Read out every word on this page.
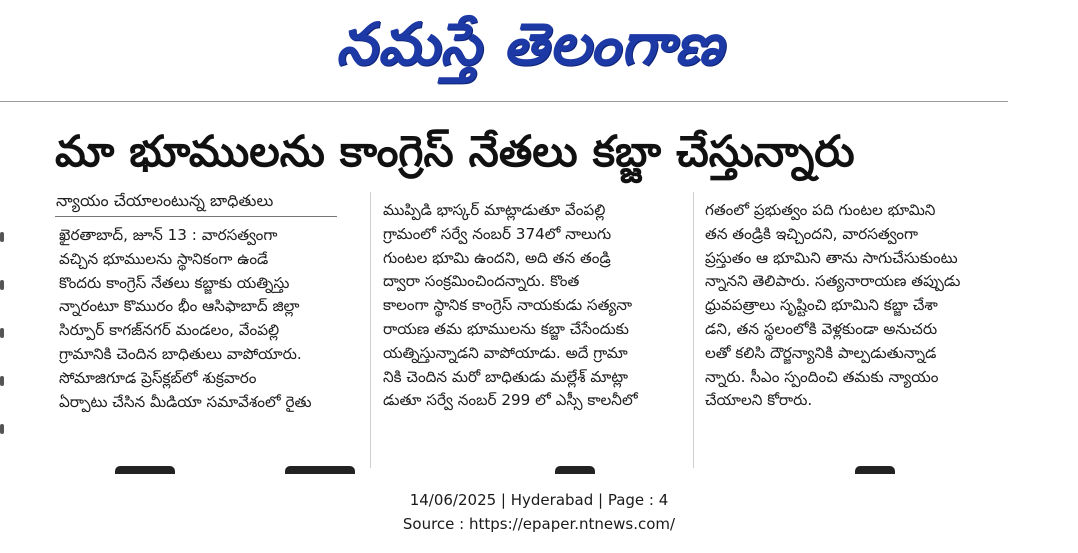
నమస్తే తెలంగాణ
మా భూములను కాంగ్రెస్ నేతలు కబ్జా చేస్తున్నారు
న్యాయం చేయాలంటున్న బాధితులు
ఖైరతాబాద్, జూన్ 13 : వారసత్వంగా
వచ్చిన భూములను స్థానికంగా ఉండే
కొందరు కాంగ్రెస్ నేతలు కబ్జాకు యత్నిస్తు
న్నారంటూ కొమురం భీం ఆసిఫాబాద్ జిల్లా
సిర్పూర్ కాగజ్‌నగర్ మండలం, వేంపల్లి
గ్రామానికి చెందిన బాధితులు వాపోయారు.
సోమాజిగూడ ప్రెస్‌క్లబ్‌లో శుక్రవారం
ఏర్పాటు చేసిన మీడియా సమావేశంలో రైతు
ముప్పిడి భాస్కర్ మాట్లాడుతూ వేంపల్లి
గ్రామంలో సర్వే నంబర్ 374లో నాలుగు
గుంటల భూమి ఉందని, అది తన తండ్రి
ద్వారా సంక్రమించిందన్నారు. కొంత
కాలంగా స్థానిక కాంగ్రెస్ నాయకుడు సత్యనా
రాయణ తమ భూములను కబ్జా చేసేందుకు
యత్నిస్తున్నాడని వాపోయాడు. అదే గ్రామా
నికి చెందిన మరో బాధితుడు మల్లేశ్ మాట్లా
డుతూ సర్వే నంబర్ 299 లో ఎస్సీ కాలనీలో
గతంలో ప్రభుత్వం పది గుంటల భూమిని
తన తండ్రికి ఇచ్చిందని, వారసత్వంగా
ప్రస్తుతం ఆ భూమిని తాను సాగుచేసుకుంటు
న్నానని తెలిపారు. సత్యనారాయణ తప్పుడు
ధ్రువపత్రాలు సృష్టించి భూమిని కబ్జా చేశా
డని, తన స్థలంలోకి వెళ్లకుండా అనుచరు
లతో కలిసి దౌర్జన్యానికి పాల్పడుతున్నాడ
న్నారు. సీఎం స్పందించి తమకు న్యాయం
చేయాలని కోరారు.
14/06/2025 | Hyderabad | Page : 4
Source : https://epaper.ntnews.com/
